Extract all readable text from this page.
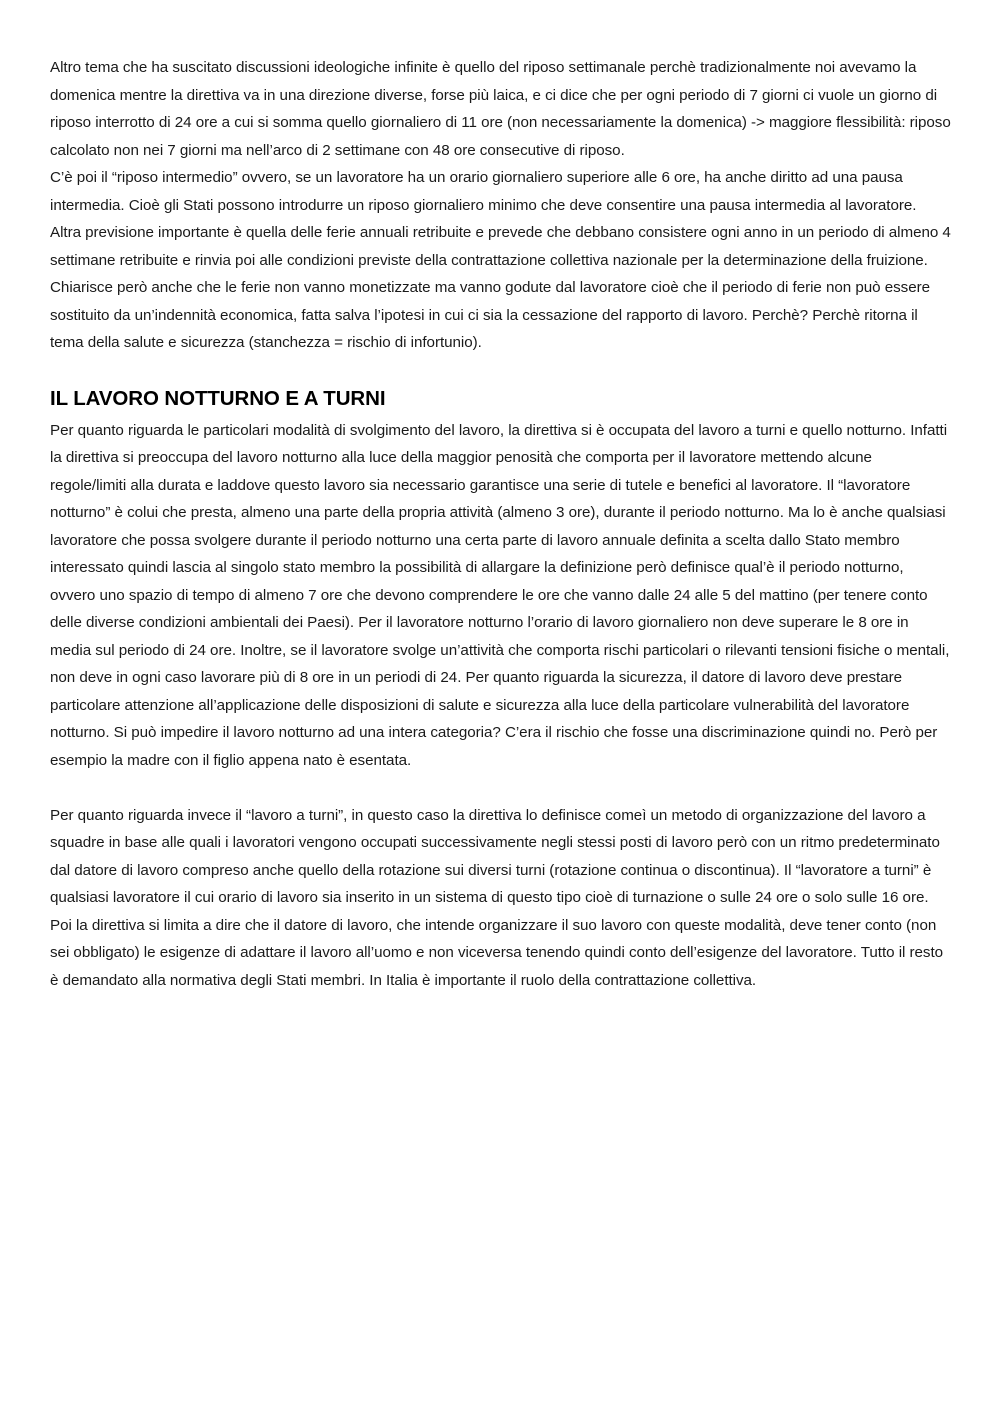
Altro tema che ha suscitato discussioni ideologiche infinite è quello del riposo settimanale perchè tradizionalmente noi avevamo la domenica mentre la direttiva va in una direzione diverse, forse più laica, e ci dice che per ogni periodo di 7 giorni ci vuole un giorno di riposo interrotto di 24 ore a cui si somma quello giornaliero di 11 ore (non necessariamente la domenica) -> maggiore flessibilità: riposo calcolato non nei 7 giorni ma nell’arco di 2 settimane con 48 ore consecutive di riposo.

C’è poi il “riposo intermedio” ovvero, se un lavoratore ha un orario giornaliero superiore alle 6 ore, ha anche diritto ad una pausa intermedia. Cioè gli Stati possono introdurre un riposo giornaliero minimo che deve consentire una pausa intermedia al lavoratore.

Altra previsione importante è quella delle ferie annuali retribuite e prevede che debbano consistere ogni anno in un periodo di almeno 4 settimane retribuite e rinvia poi alle condizioni previste della contrattazione collettiva nazionale per la determinazione della fruizione. Chiarisce però anche che le ferie non vanno monetizzate ma vanno godute dal lavoratore cioè che il periodo di ferie non può essere sostituito da un’indennità economica, fatta salva l’ipotesi in cui ci sia la cessazione del rapporto di lavoro. Perchè? Perchè ritorna il tema della salute e sicurezza (stanchezza = rischio di infortunio).

IL LAVORO NOTTURNO E A TURNI

Per quanto riguarda le particolari modalità di svolgimento del lavoro, la direttiva si è occupata del lavoro a turni e quello notturno. Infatti la direttiva si preoccupa del lavoro notturno alla luce della maggior penosità che comporta per il lavoratore mettendo alcune regole/limiti alla durata e laddove questo lavoro sia necessario garantisce una serie di tutele e benefici al lavoratore. Il “lavoratore notturno” è colui che presta, almeno una parte della propria attività (almeno 3 ore), durante il periodo notturno. Ma lo è anche qualsiasi lavoratore che possa svolgere durante il periodo notturno una certa parte di lavoro annuale definita a scelta dallo Stato membro interessato quindi lascia al singolo stato membro la possibilità di allargare la definizione però definisce qual’è il periodo notturno, ovvero uno spazio di tempo di almeno 7 ore che devono comprendere le ore che vanno dalle 24 alle 5 del mattino (per tenere conto delle diverse condizioni ambientali dei Paesi). Per il lavoratore notturno l’orario di lavoro giornaliero non deve superare le 8 ore in media sul periodo di 24 ore. Inoltre, se il lavoratore svolge un’attività che comporta rischi particolari o rilevanti tensioni fisiche o mentali, non deve in ogni caso lavorare più di 8 ore in un periodi di 24. Per quanto riguarda la sicurezza, il datore di lavoro deve prestare particolare attenzione all’applicazione delle disposizioni di salute e sicurezza alla luce della particolare vulnerabilità del lavoratore notturno. Si può impedire il lavoro notturno ad una intera categoria? C’era il rischio che fosse una discriminazione quindi no. Però per esempio la madre con il figlio appena nato è esentata.

Per quanto riguarda invece il “lavoro a turni”, in questo caso la direttiva lo definisce comeì un metodo di organizzazione del lavoro a squadre in base alle quali i lavoratori vengono occupati successivamente negli stessi posti di lavoro però con un ritmo predeterminato dal datore di lavoro compreso anche quello della rotazione sui diversi turni (rotazione continua o discontinua). Il “lavoratore a turni” è qualsiasi lavoratore il cui orario di lavoro sia inserito in un sistema di questo tipo cioè di turnazione o sulle 24 ore o solo sulle 16 ore. Poi la direttiva si limita a dire che il datore di lavoro, che intende organizzare il suo lavoro con queste modalità, deve tener conto (non sei obbligato) le esigenze di adattare il lavoro all’uomo e non viceversa tenendo quindi conto dell’esigenze del lavoratore. Tutto il resto è demandato alla normativa degli Stati membri. In Italia è importante il ruolo della contrattazione collettiva.
